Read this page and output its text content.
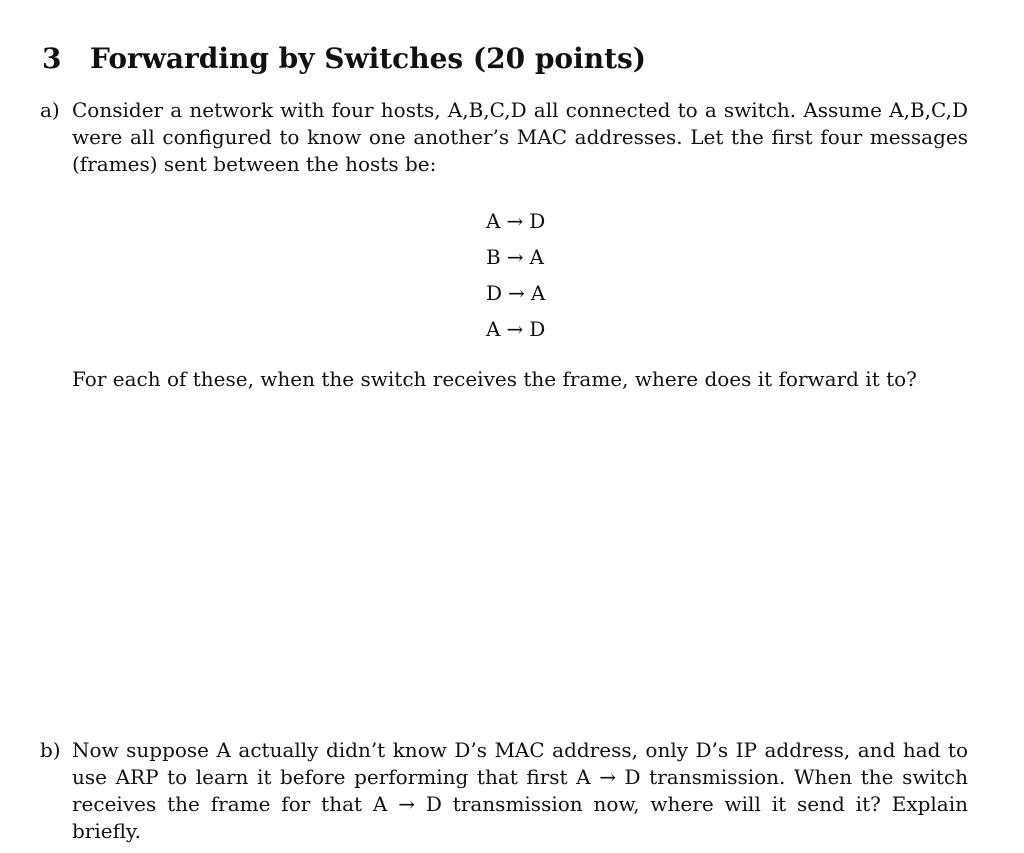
3	Forwarding by Switches (20 points)
a) Consider a network with four hosts, A,B,C,D all connected to a switch. Assume A,B,C,D were all configured to know one another’s MAC addresses. Let the first four messages (frames) sent between the hosts be:
A → D
B → A
D → A
A → D
For each of these, when the switch receives the frame, where does it forward it to?
b) Now suppose A actually didn’t know D’s MAC address, only D’s IP address, and had to use ARP to learn it before performing that first A → D transmission. When the switch receives the frame for that A → D transmission now, where will it send it? Explain briefly.
